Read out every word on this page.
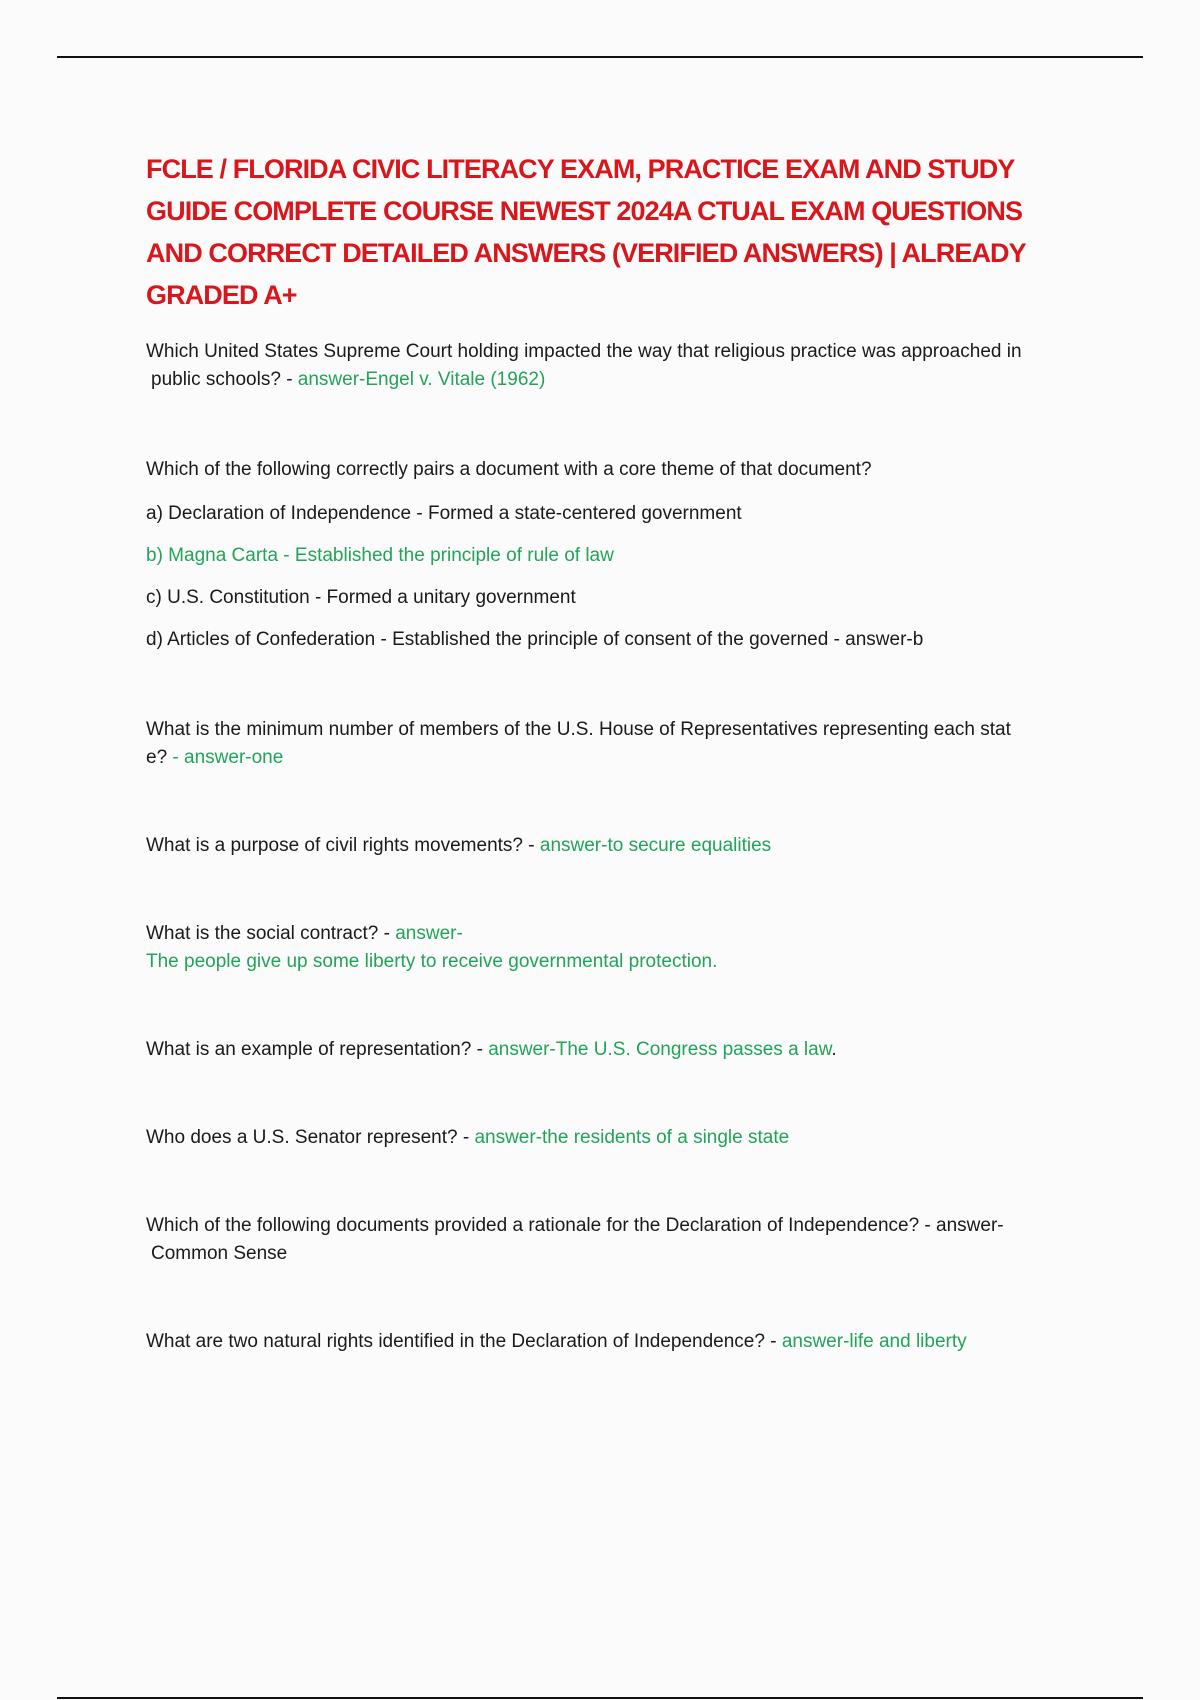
FCLE / FLORIDA CIVIC LITERACY EXAM, PRACTICE EXAM AND STUDY
GUIDE COMPLETE COURSE NEWEST 2024A CTUAL EXAM QUESTIONS
AND CORRECT DETAILED ANSWERS (VERIFIED ANSWERS) | ALREADY
GRADED A+

Which United States Supreme Court holding impacted the way that religious practice was approached in

public schools? - answer-Engel v. Vitale (1962)

Which of the following correctly pairs a document with a core theme of that document?

a) Declaration of Independence - Formed a state-centered government

b) Magna Carta - Established the principle of rule of law

c) U.S. Constitution - Formed a unitary government

d) Articles of Confederation - Established the principle of consent of the governed - answer-b

What is the minimum number of members of the U.S. House of Representatives representing each stat

e? - answer-one

What is a purpose of civil rights movements? - answer-to secure equalities

What is the social contract? - answer-

The people give up some liberty to receive governmental protection.

What is an example of representation? - answer-The U.S. Congress passes a law.

Who does a U.S. Senator represent? - answer-the residents of a single state

Which of the following documents provided a rationale for the Declaration of Independence? - answer-

Common Sense

What are two natural rights identified in the Declaration of Independence? - answer-life and liberty
